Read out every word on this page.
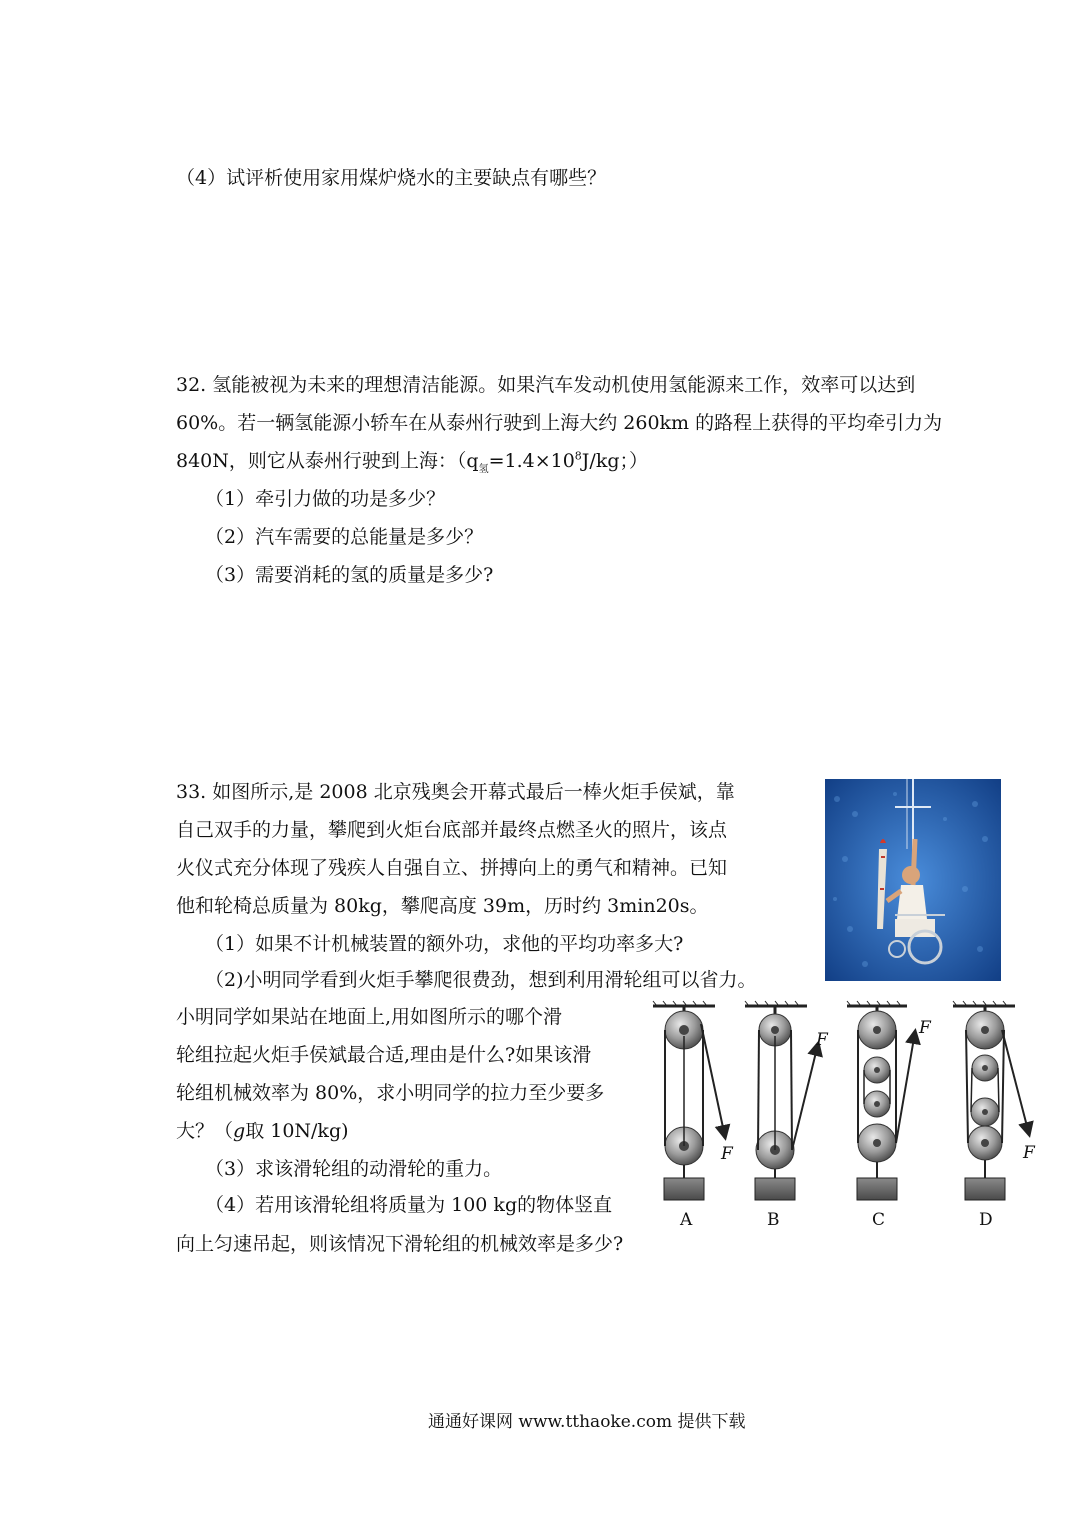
（4）试评析使用家用煤炉烧水的主要缺点有哪些？
32. 氢能被视为未来的理想清洁能源。如果汽车发动机使用氢能源来工作，效率可以达到
60%。若一辆氢能源小轿车在从泰州行驶到上海大约 260km 的路程上获得的平均牵引力为
840N，则它从泰州行驶到上海：（$q_氢=1.4\times 10^8J/kg$；）
（1）牵引力做的功是多少？
（2）汽车需要的总能量是多少？
（3）需要消耗的氢的质量是多少?
33. 如图所示,是 2008 北京残奥会开幕式最后一棒火炬手侯斌，靠
自己双手的力量，攀爬到火炬台底部并最终点燃圣火的照片，该点
火仪式充分体现了残疾人自强自立、拼搏向上的勇气和精神。已知
他和轮椅总质量为 80kg，攀爬高度 39m，历时约 3min20s。
（1）如果不计机械装置的额外功，求他的平均功率多大?
（2)小明同学看到火炬手攀爬很费劲，想到利用滑轮组可以省力。
小明同学如果站在地面上,用如图所示的哪个滑
轮组拉起火炬手侯斌最合适,理由是什么?如果该滑
轮组机械效率为 80%，求小明同学的拉力至少要多
大？（g取 10N/kg)
（3）求该滑轮组的动滑轮的重力。
（4）若用该滑轮组将质量为 100 kg的物体竖直
向上匀速吊起，则该情况下滑轮组的机械效率是多少?
F
F
F
F
A	B	C	D
通通好课网 www.tthaoke.com 提供下载
